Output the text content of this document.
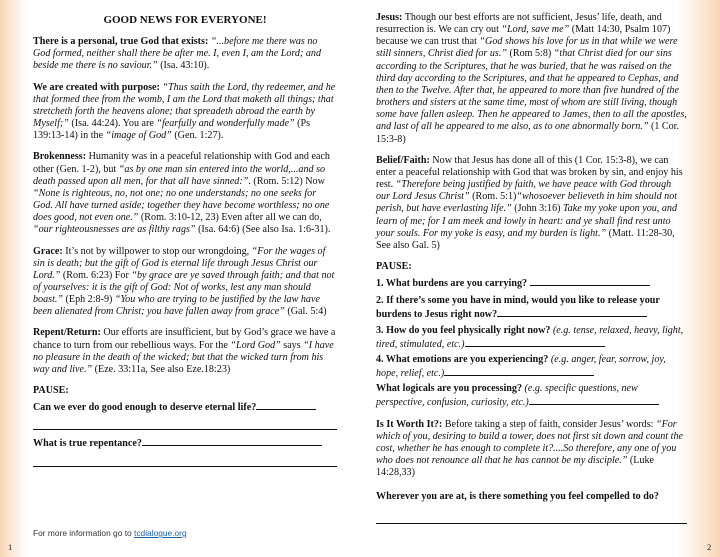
GOOD NEWS FOR EVERYONE!

There is a personal, true God that exists: “...before me there was no God formed, neither shall there be after me. I, even I, am the Lord; and beside me there is no saviour.” (Isa. 43:10).

We are created with purpose: “Thus saith the Lord, thy redeemer, and he that formed thee from the womb, I am the Lord that maketh all things; that stretcheth forth the heavens alone; that spreadeth abroad the earth by Myself;” (Isa. 44:24). You are “fearfully and wonderfully made” (Ps 139:13-14) in the “image of God” (Gen. 1:27).

Brokenness: Humanity was in a peaceful relationship with God and each other (Gen. 1-2), but “as by one man sin entered into the world,...and so death passed upon all men, for that all have sinned:”. (Rom. 5:12) Now “None is righteous, no, not one; no one understands; no one seeks for God. All have turned aside; together they have become worthless; no one does good, not even one.” (Rom. 3:10-12, 23) Even after all we can do, “our righteousnesses are as filthy rags” (Isa. 64:6) (See also Isa. 1:6-31).

Grace: It’s not by willpower to stop our wrongdoing, “For the wages of sin is death; but the gift of God is eternal life through Jesus Christ our Lord.” (Rom. 6:23) For “by grace are ye saved through faith; and that not of yourselves: it is the gift of God: Not of works, lest any man should boast.” (Eph 2:8-9) “You who are trying to be justified by the law have been alienated from Christ; you have fallen away from grace” (Gal. 5:4)

Repent/Return: Our efforts are insufficient, but by God’s grace we have a chance to turn from our rebellious ways. For the “Lord God” says “I have no pleasure in the death of the wicked; but that the wicked turn from his way and live.” (Eze. 33:11a, See also Eze.18:23)

PAUSE:
Can we ever do good enough to deserve eternal life?
What is true repentance?
For more information go to tcdialogue.org
1

Jesus: Though our best efforts are not sufficient, Jesus’ life, death, and resurrection is. We can cry out “Lord, save me” (Matt 14:30, Psalm 107) because we can trust that “God shows his love for us in that while we were still sinners, Christ died for us.” (Rom 5:8) “that Christ died for our sins according to the Scriptures, that he was buried, that he was raised on the third day according to the Scriptures, and that he appeared to Cephas, and then to the Twelve. After that, he appeared to more than five hundred of the brothers and sisters at the same time, most of whom are still living, though some have fallen asleep. Then he appeared to James, then to all the apostles, and last of all he appeared to me also, as to one abnormally born.” (1 Cor. 15:3-8)

Belief/Faith: Now that Jesus has done all of this (1 Cor. 15:3-8), we can enter a peaceful relationship with God that was broken by sin, and enjoy his rest. “Therefore being justified by faith, we have peace with God through our Lord Jesus Christ” (Rom. 5:1)“whosoever believeth in him should not perish, but have everlasting life.” (John 3:16) Take my yoke upon you, and learn of me; for I am meek and lowly in heart: and ye shall find rest unto your souls. For my yoke is easy, and my burden is light.” (Matt. 11:28-30, See also Gal. 5)

PAUSE:
1. What burdens are you carrying?
2. If there’s some you have in mind, would you like to release your burdens to Jesus right now?
3. How do you feel physically right now? (e.g. tense, relaxed, heavy, light, tired, stimulated, etc.)
4. What emotions are you experiencing? (e.g. anger, fear, sorrow, joy, hope, relief, etc.)
What logicals are you processing? (e.g. specific questions, new perspective, confusion, curiosity, etc.)

Is It Worth It?: Before taking a step of faith, consider Jesus’ words: “For which of you, desiring to build a tower, does not first sit down and count the cost, whether he has enough to complete it?....So therefore, any one of you who does not renounce all that he has cannot be my disciple.” (Luke 14:28,33)

Wherever you are at, is there something you feel compelled to do?
2
